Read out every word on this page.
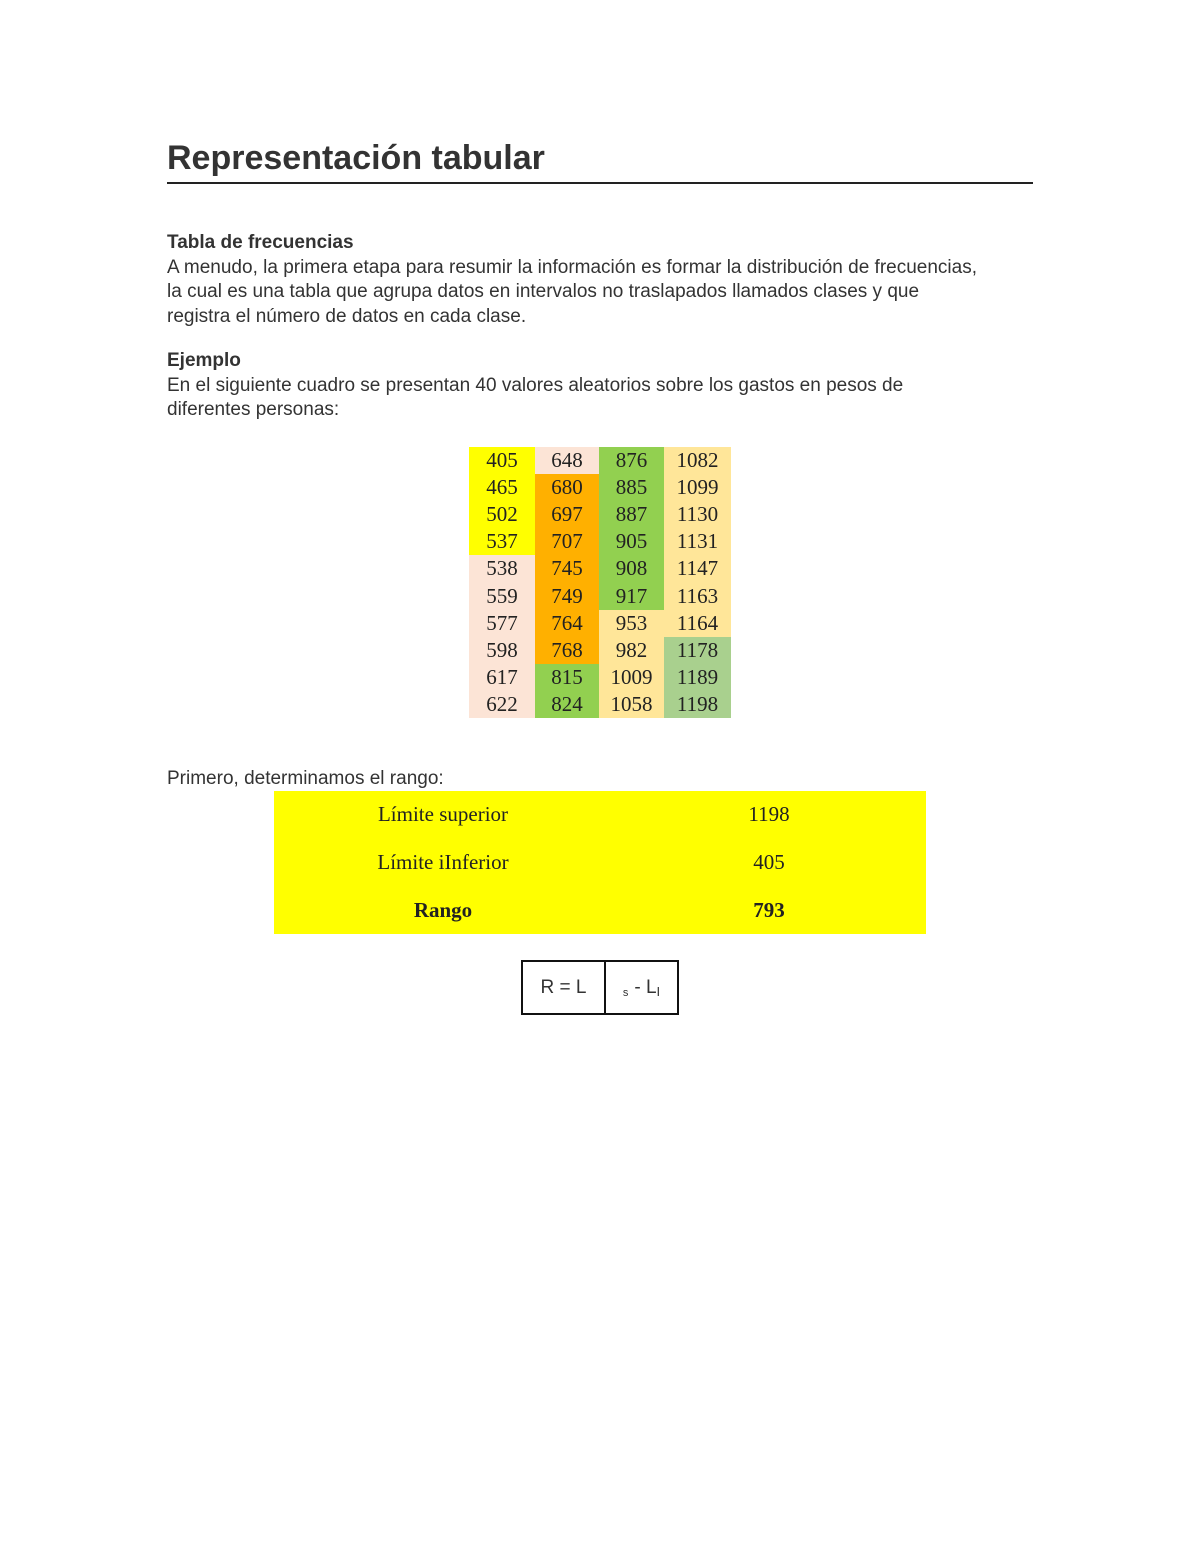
Representación tabular
Tabla de frecuencias

A menudo, la primera etapa para resumir la información es formar la distribución de frecuencias, la cual es una tabla que agrupa datos en intervalos no traslapados llamados clases y que registra el número de datos en cada clase.

Ejemplo

En el siguiente cuadro se presentan 40 valores aleatorios sobre los gastos en pesos de diferentes personas:

405	648	876	1082
465	680	885	1099
502	697	887	1130
537	707	905	1131
538	745	908	1147
559	749	917	1163
577	764	953	1164
598	768	982	1178
617	815	1009	1189
622	824	1058	1198
Primero, determinamos el rango:
Límite superior	1198
Límite iInferior	405
Rango	793
R = L	s - L I
